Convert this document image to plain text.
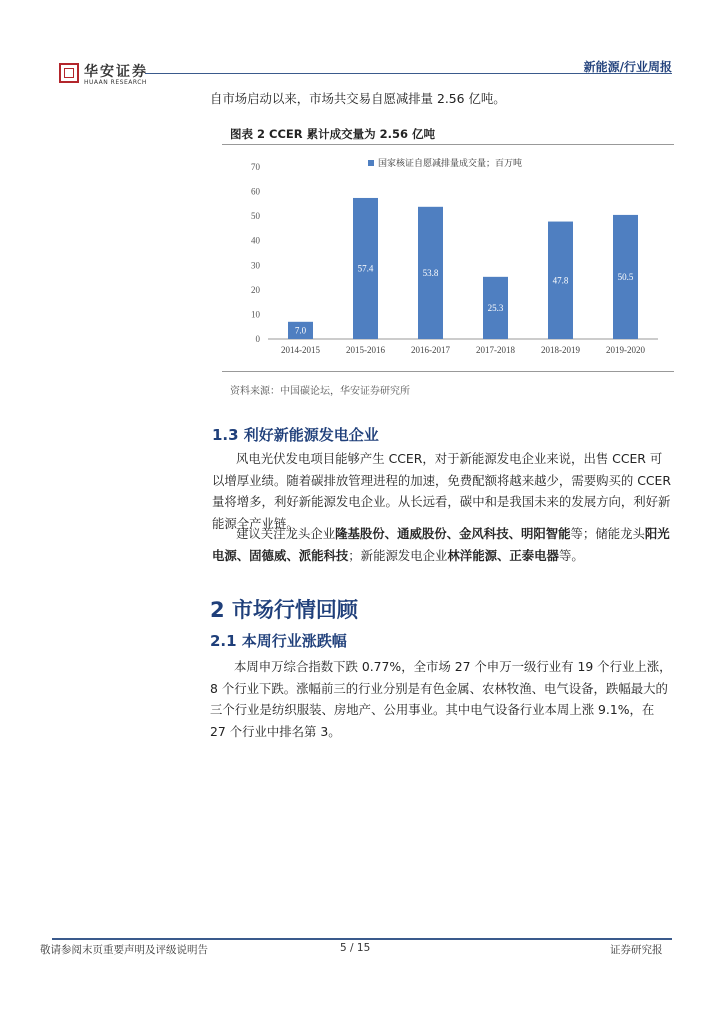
华安证券
HUAAN RESEARCH
新能源/行业周报
自市场启动以来，市场共交易自愿减排量 2.56 亿吨。
图表 2 CCER 累计成交量为 2.56 亿吨
0
10
20
30
40
50
60
70
7.0
2014-2015
57.4
2015-2016
53.8
2016-2017
25.3
2017-2018
47.8
2018-2019
50.5
2019-2020
国家核证自愿减排量成交量；百万吨
资料来源：中国碳论坛，华安证券研究所
1.3 利好新能源发电企业
风电光伏发电项目能够产生 CCER，对于新能源发电企业来说，出售 CCER 可以增厚业绩。随着碳排放管理进程的加速，免费配额将越来越少，需要购买的 CCER 量将增多，利好新能源发电企业。从长远看，碳中和是我国未来的发展方向，利好新能源全产业链。
建议关注龙头企业隆基股份、通威股份、金风科技、明阳智能等；储能龙头阳光电源、固德威、派能科技；新能源发电企业林洋能源、正泰电器等。
2 市场行情回顾
2.1 本周行业涨跌幅
本周申万综合指数下跌 0.77%，全市场 27 个申万一级行业有 19 个行业上涨，8 个行业下跌。涨幅前三的行业分别是有色金属、农林牧渔、电气设备，跌幅最大的三个行业是纺织服装、房地产、公用事业。其中电气设备行业本周上涨 9.1%，在 27 个行业中排名第 3。
敬请参阅末页重要声明及评级说明告	5 / 15	证券研究报
